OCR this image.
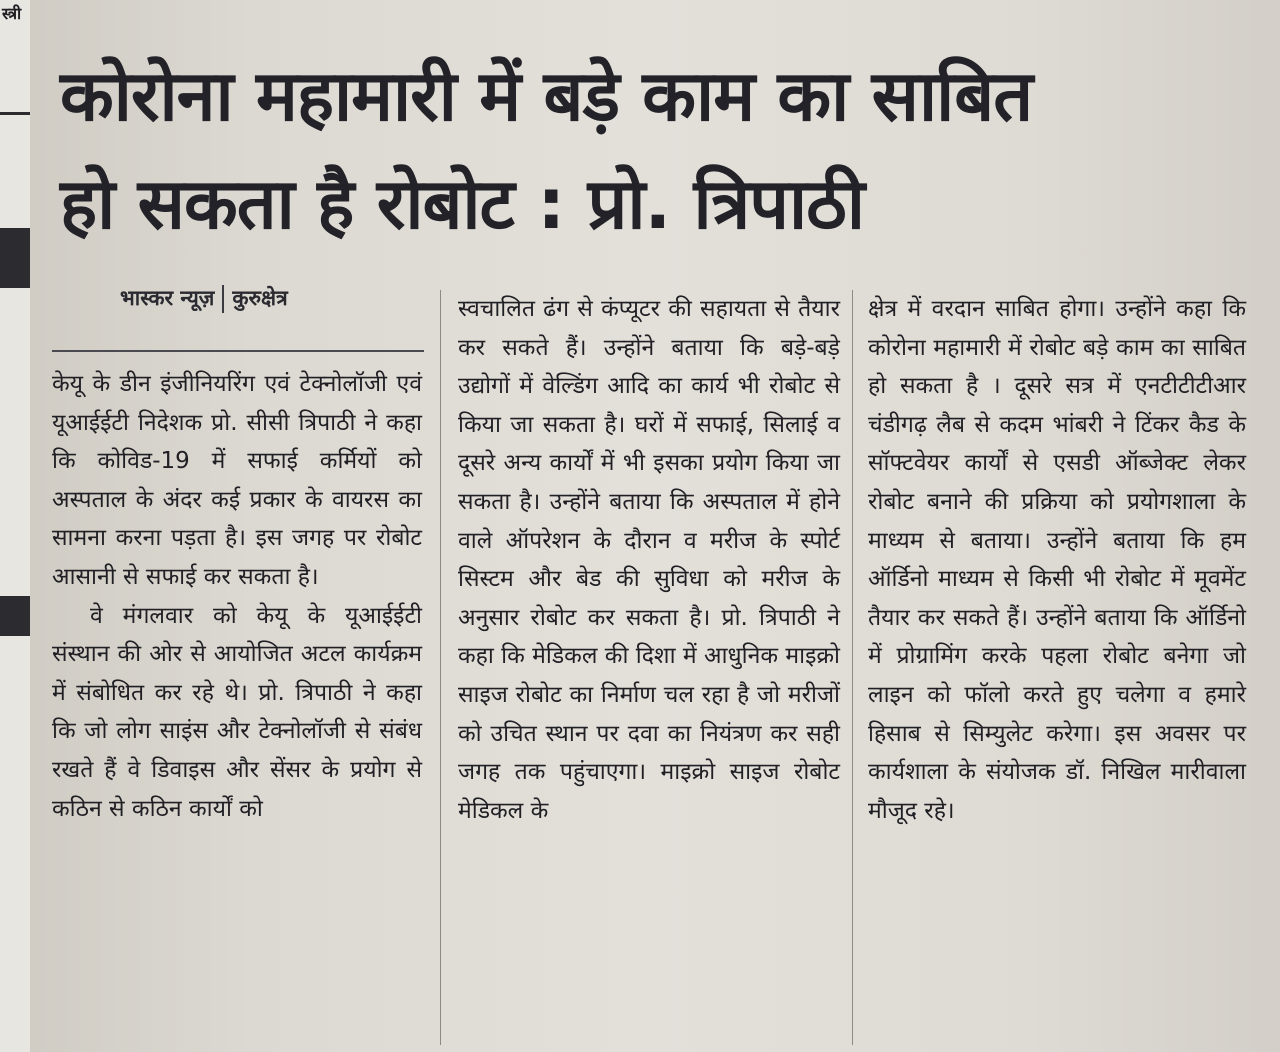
स्त्री
कोरोना महामारी में बड़े काम का साबित
हो सकता है रोबोट : प्रो. त्रिपाठी
भास्कर न्यूज़ कुरुक्षेत्र

केयू के डीन इंजीनियरिंग एवं टेक्नोलॉजी एवं यूआईईटी निदेशक प्रो. सीसी त्रिपाठी ने कहा कि कोविड-19 में सफाई कर्मियों को अस्पताल के अंदर कई प्रकार के वायरस का सामना करना पड़ता है। इस जगह पर रोबोट आसानी से सफाई कर सकता है।

वे मंगलवार को केयू के यूआईईटी संस्थान की ओर से आयोजित अटल कार्यक्रम में संबोधित कर रहे थे। प्रो. त्रिपाठी ने कहा कि जो लोग साइंस और टेक्नोलॉजी से संबंध रखते हैं वे डिवाइस और सेंसर के प्रयोग से कठिन से कठिन कार्यों को

स्वचालित ढंग से कंप्यूटर की सहायता से तैयार कर सकते हैं। उन्होंने बताया कि बड़े-बड़े उद्योगों में वेल्डिंग आदि का कार्य भी रोबोट से किया जा सकता है। घरों में सफाई, सिलाई व दूसरे अन्य कार्यों में भी इसका प्रयोग किया जा सकता है। उन्होंने बताया कि अस्पताल में होने वाले ऑपरेशन के दौरान व मरीज के स्पोर्ट सिस्टम और बेड की सुविधा को मरीज के अनुसार रोबोट कर सकता है। प्रो. त्रिपाठी ने कहा कि मेडिकल की दिशा में आधुनिक माइक्रो साइज रोबोट का निर्माण चल रहा है जो मरीजों को उचित स्थान पर दवा का नियंत्रण कर सही जगह तक पहुंचाएगा। माइक्रो साइज रोबोट मेडिकल के

क्षेत्र में वरदान साबित होगा। उन्होंने कहा कि कोरोना महामारी में रोबोट बड़े काम का साबित हो सकता है । दूसरे सत्र में एनटीटीटीआर चंडीगढ़ लैब से कदम भांबरी ने टिंकर कैड के सॉफ्टवेयर कार्यों से एसडी ऑब्जेक्ट लेकर रोबोट बनाने की प्रक्रिया को प्रयोगशाला के माध्यम से बताया। उन्होंने बताया कि हम ऑर्डिनो माध्यम से किसी भी रोबोट में मूवमेंट तैयार कर सकते हैं। उन्होंने बताया कि ऑर्डिनो में प्रोग्रामिंग करके पहला रोबोट बनेगा जो लाइन को फॉलो करते हुए चलेगा व हमारे हिसाब से सिम्युलेट करेगा। इस अवसर पर कार्यशाला के संयोजक डॉ. निखिल मारीवाला मौजूद रहे।
